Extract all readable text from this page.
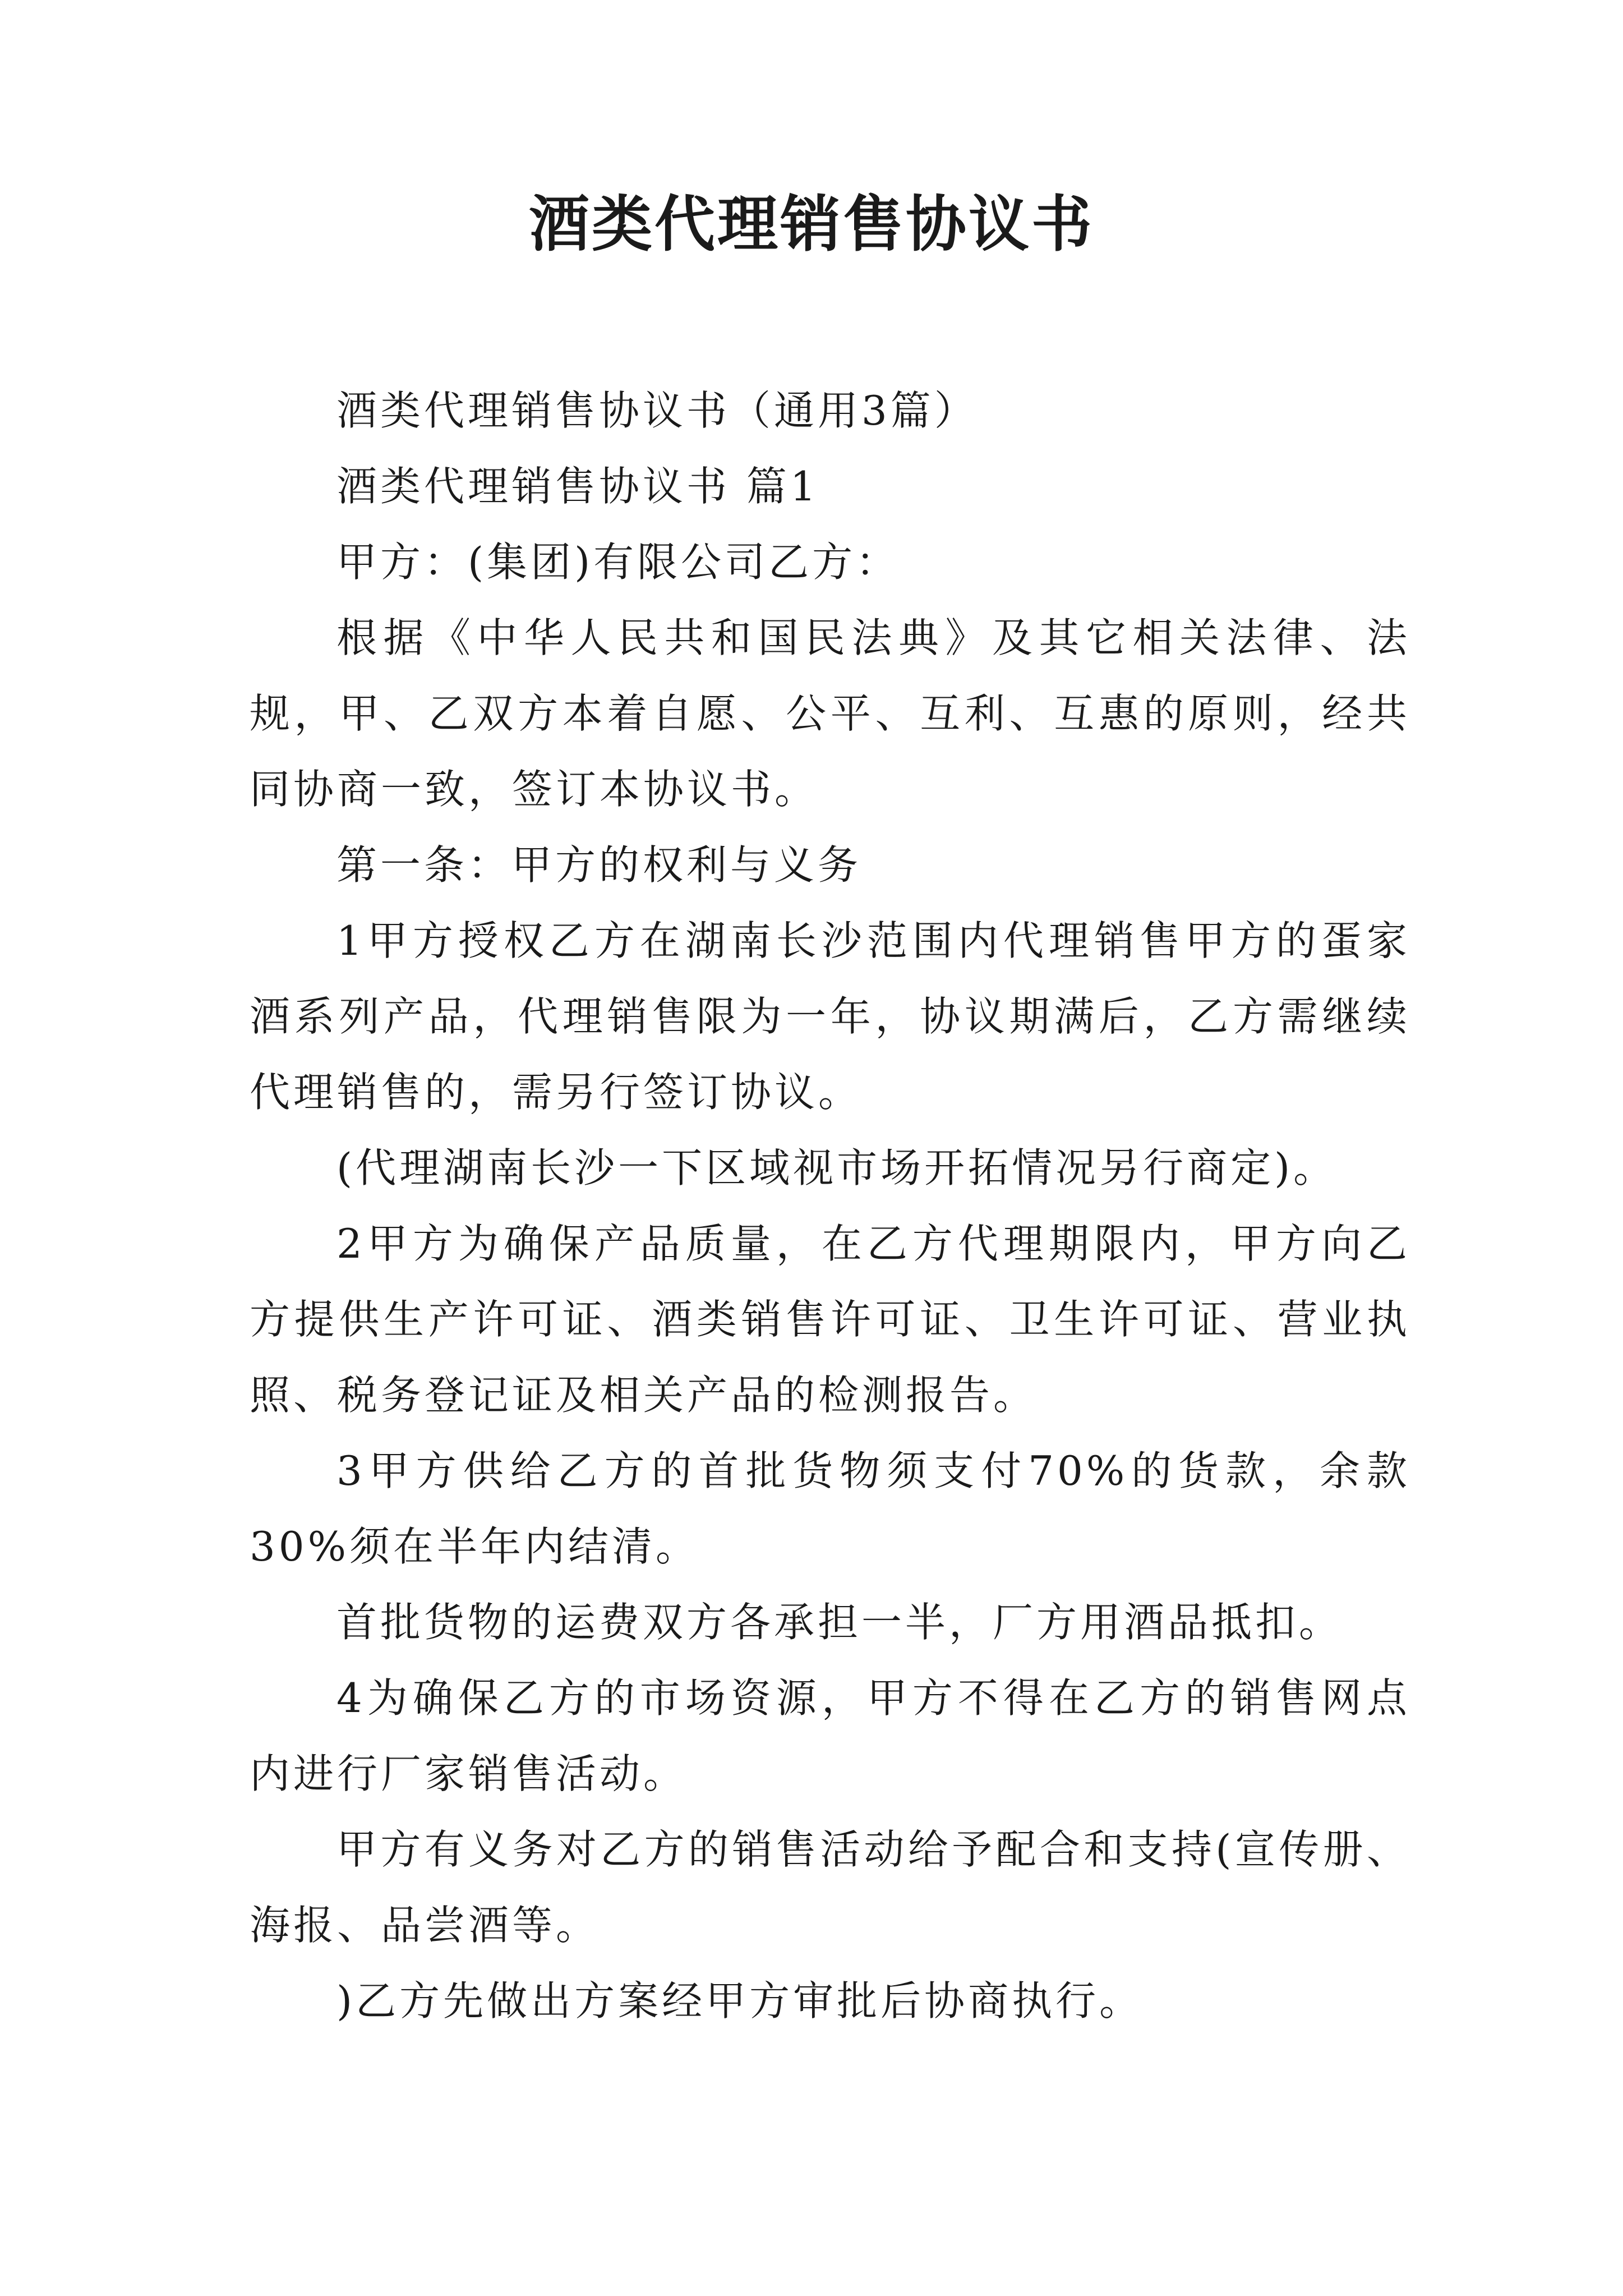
酒类代理销售协议书

酒类代理销售协议书（通用3篇）

酒类代理销售协议书 篇1

甲方：(集团)有限公司乙方：

根据《中华人民共和国民法典》及其它相关法律、法规，甲、乙双方本着自愿、公平、互利、互惠的原则，经共同协商一致，签订本协议书。

第一条：甲方的权利与义务

1甲方授权乙方在湖南长沙范围内代理销售甲方的蛋家酒系列产品，代理销售限为一年，协议期满后，乙方需继续代理销售的，需另行签订协议。

(代理湖南长沙一下区域视市场开拓情况另行商定)。

2甲方为确保产品质量，在乙方代理期限内，甲方向乙方提供生产许可证、酒类销售许可证、卫生许可证、营业执照、税务登记证及相关产品的检测报告。

3甲方供给乙方的首批货物须支付70%的货款，余款30%须在半年内结清。

首批货物的运费双方各承担一半，厂方用酒品抵扣。

4为确保乙方的市场资源，甲方不得在乙方的销售网点内进行厂家销售活动。

甲方有义务对乙方的销售活动给予配合和支持(宣传册、海报、品尝酒等。

)乙方先做出方案经甲方审批后协商执行。
